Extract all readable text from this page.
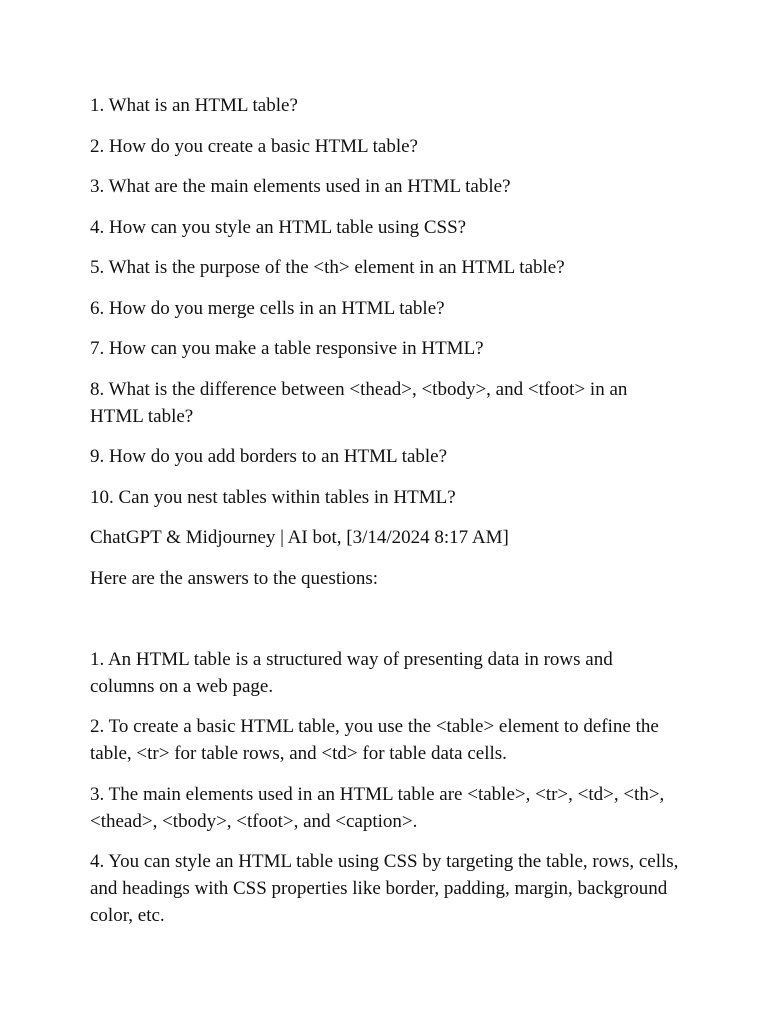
1. What is an HTML table?

2. How do you create a basic HTML table?

3. What are the main elements used in an HTML table?

4. How can you style an HTML table using CSS?

5. What is the purpose of the <th> element in an HTML table?

6. How do you merge cells in an HTML table?

7. How can you make a table responsive in HTML?

8. What is the difference between <thead>, <tbody>, and <tfoot> in an HTML table?

9. How do you add borders to an HTML table?

10. Can you nest tables within tables in HTML?

ChatGPT & Midjourney | AI bot, [3/14/2024 8:17 AM]

Here are the answers to the questions:

1. An HTML table is a structured way of presenting data in rows and columns on a web page.

2. To create a basic HTML table, you use the <table> element to define the table, <tr> for table rows, and <td> for table data cells.

3. The main elements used in an HTML table are <table>, <tr>, <td>, <th>, <thead>, <tbody>, <tfoot>, and <caption>.

4. You can style an HTML table using CSS by targeting the table, rows, cells, and headings with CSS properties like border, padding, margin, background color, etc.
